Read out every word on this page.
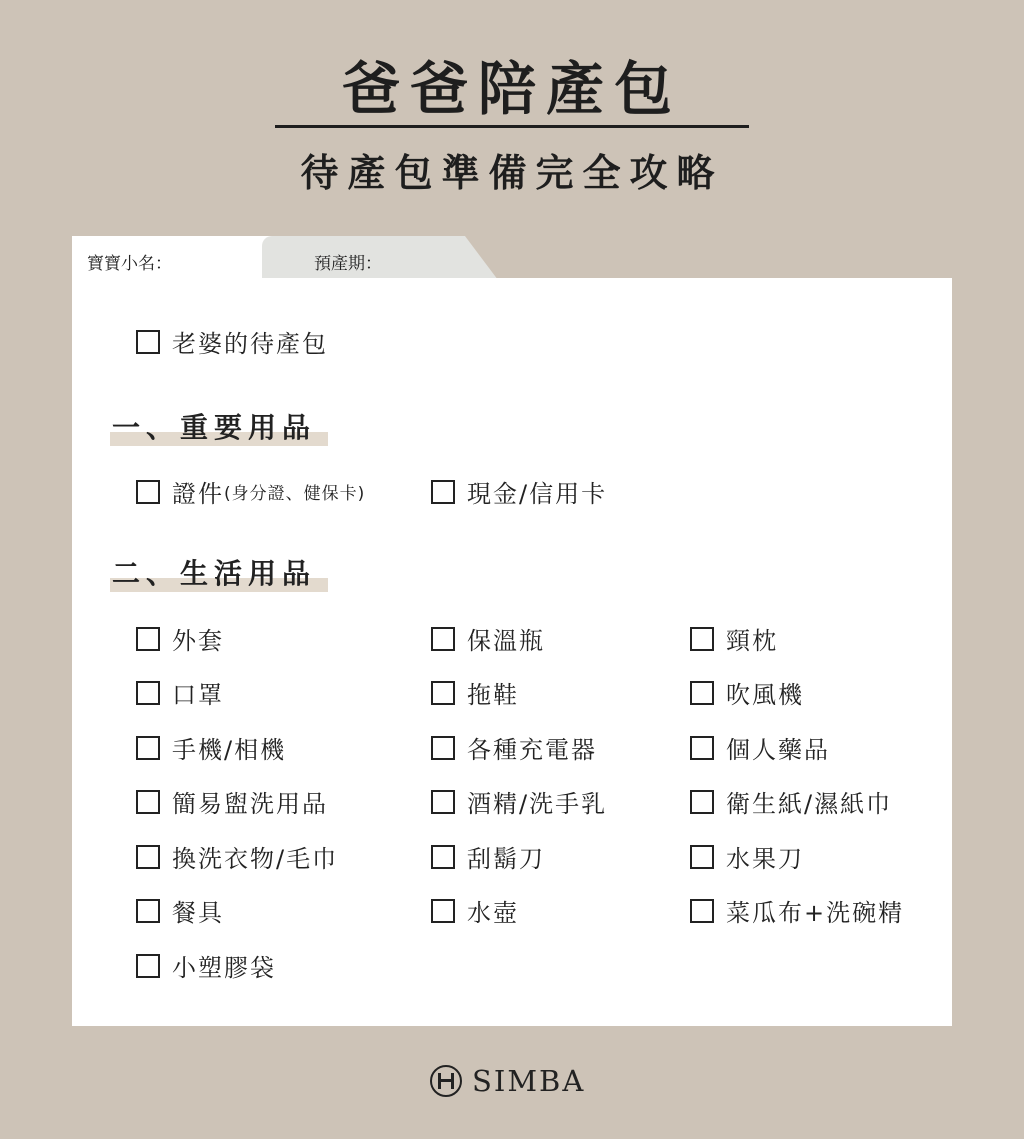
爸爸陪產包
待產包準備完全攻略
寶寶小名：	預產期：
老婆的待產包
一、重要用品
證件 (身分證、健保卡)	現金/信用卡
二、生活用品
外套
口罩
手機/相機
簡易盥洗用品
換洗衣物/毛巾
餐具
小塑膠袋
保溫瓶
拖鞋
各種充電器
酒精/洗手乳
刮鬍刀
水壺
頸枕
吹風機
個人藥品
衛生紙/濕紙巾
水果刀
菜瓜布+洗碗精
SIMBA
